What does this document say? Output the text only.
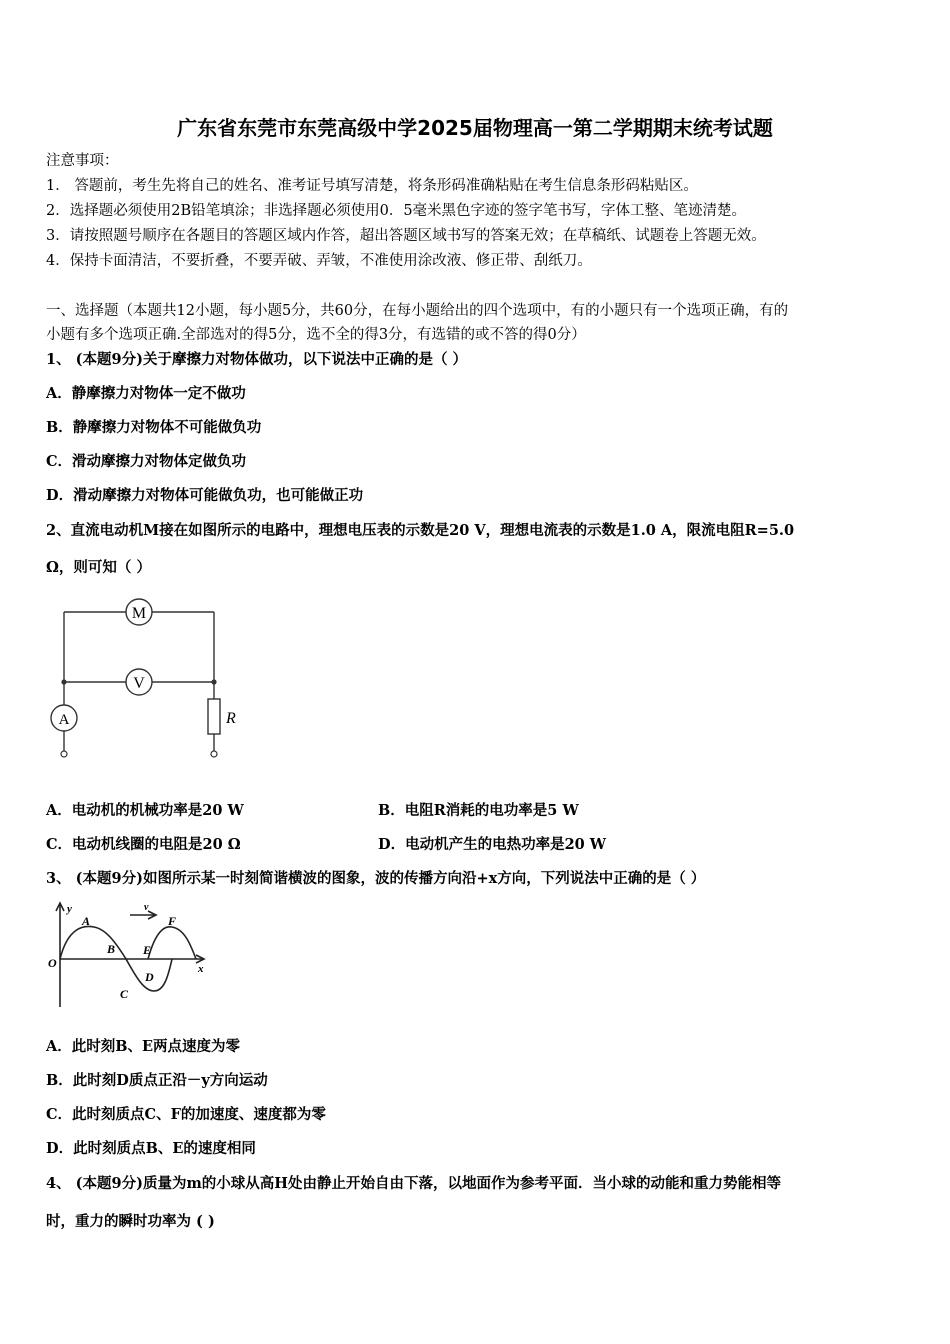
广东省东莞市东莞高级中学2025届物理高一第二学期期末统考试题
注意事项：
1． 答题前，考生先将自己的姓名、准考证号填写清楚，将条形码准确粘贴在考生信息条形码粘贴区。
2．选择题必须使用2B铅笔填涂；非选择题必须使用0．5毫米黑色字迹的签字笔书写，字体工整、笔迹清楚。
3．请按照题号顺序在各题目的答题区域内作答，超出答题区域书写的答案无效；在草稿纸、试题卷上答题无效。
4．保持卡面清洁，不要折叠，不要弄破、弄皱，不准使用涂改液、修正带、刮纸刀。
一、选择题（本题共12小题，每小题5分，共60分，在每小题给出的四个选项中，有的小题只有一个选项正确，有的
小题有多个选项正确.全部选对的得5分，选不全的得3分，有选错的或不答的得0分）
1、 (本题9分)关于摩擦力对物体做功，以下说法中正确的是（ ）
A．静摩擦力对物体一定不做功
B．静摩擦力对物体不可能做负功
C．滑动摩擦力对物体定做负功
D．滑动摩擦力对物体可能做负功，也可能做正功
2、直流电动机M接在如图所示的电路中，理想电压表的示数是20 V，理想电流表的示数是1.0 A，限流电阻R=5.0
Ω，则可知（ ）
M
V
A	R
A．电动机的机械功率是20 W	B．电阻R消耗的电功率是5 W
C．电动机线圈的电阻是20 Ω	D．电动机产生的电热功率是20 W
3、 (本题9分)如图所示某一时刻简谐横波的图象，波的传播方向沿+x方向，下列说法中正确的是（ ）
y
x
O
v
A
B
C
D
E
F
A．此时刻B、E两点速度为零
B．此时刻D质点正沿－y方向运动
C．此时刻质点C、F的加速度、速度都为零
D．此时刻质点B、E的速度相同
4、 (本题9分)质量为m的小球从高H处由静止开始自由下落，以地面作为参考平面．当小球的动能和重力势能相等
时，重力的瞬时功率为 ( )
